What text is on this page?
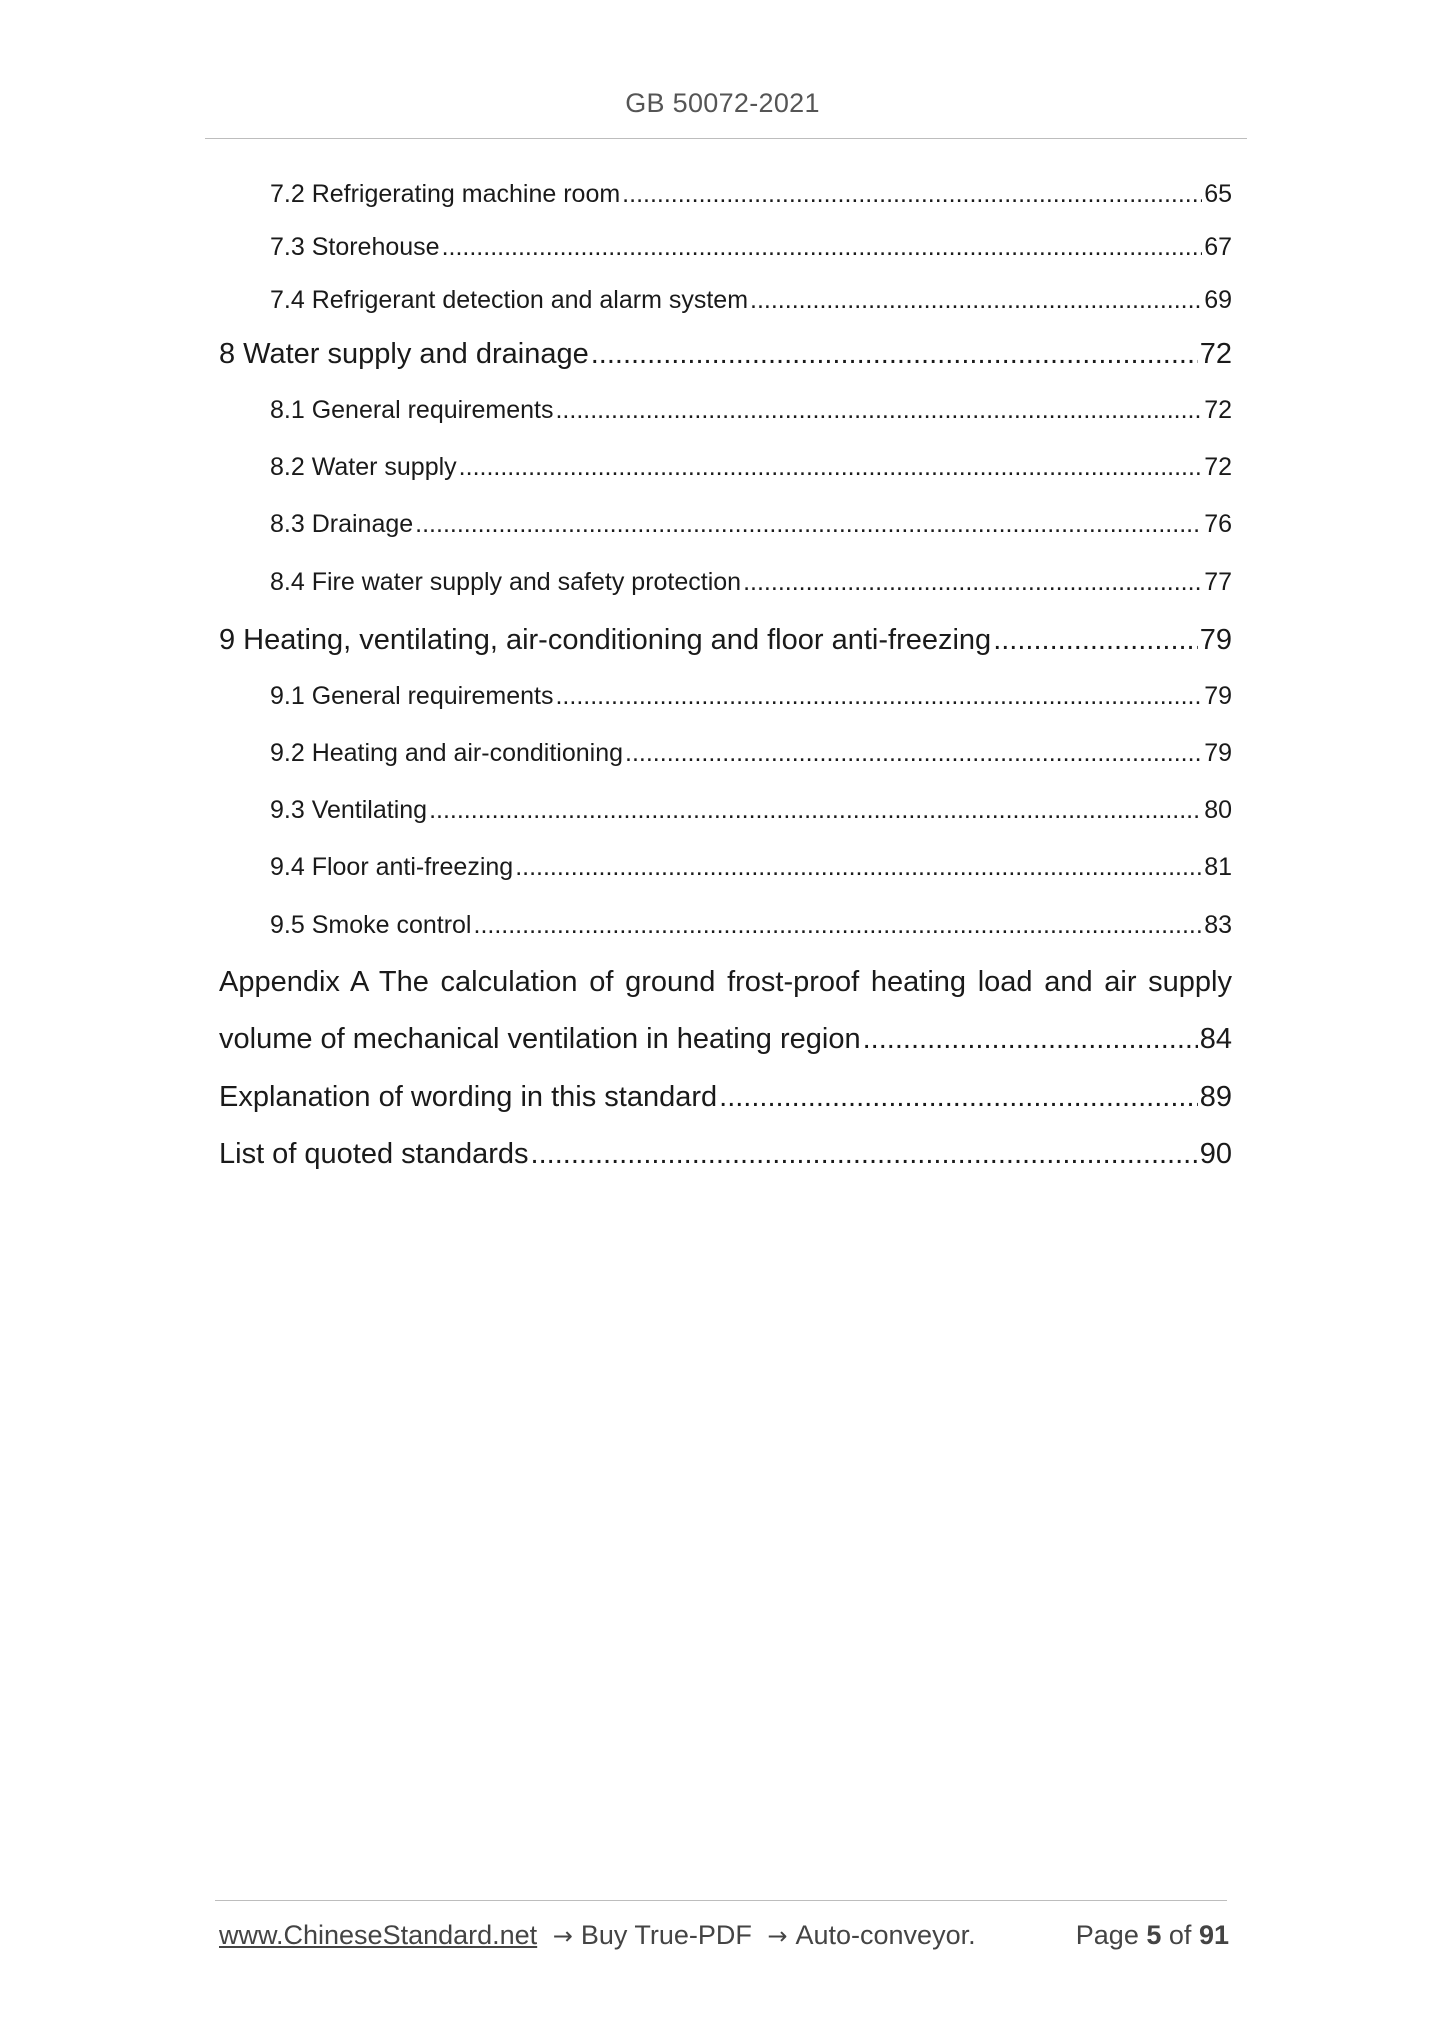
GB 50072-2021
7.2 Refrigerating machine room .....	65
7.3 Storehouse .....	67
7.4 Refrigerant detection and alarm system .....	69
8 Water supply and drainage .....	72
8.1 General requirements .....	72
8.2 Water supply .....	72
8.3 Drainage .....	76
8.4 Fire water supply and safety protection .....	77
9 Heating, ventilating, air-conditioning and floor anti-freezing .....	79
9.1 General requirements .....	79
9.2 Heating and air-conditioning .....	79
9.3 Ventilating .....	80
9.4 Floor anti-freezing .....	81
9.5 Smoke control .....	83
Appendix A The calculation of ground frost-proof heating load and air supply
volume of mechanical ventilation in heating region .....	84
Explanation of wording in this standard .....	89
List of quoted standards .....	90
www.ChineseStandard.net → Buy True-PDF → Auto-conveyor.	Page 5 of 91
